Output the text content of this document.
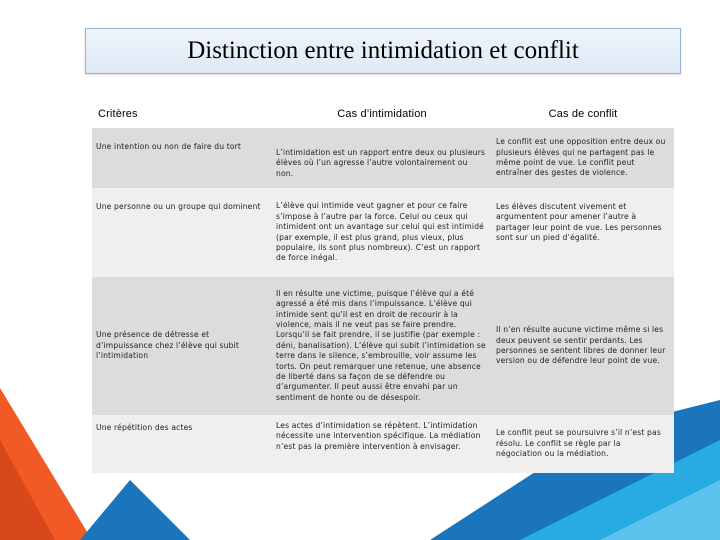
Distinction entre intimidation et conflit
Critères	Cas d’intimidation	Cas de conflit
Une intention ou non de faire du tort	L’intimidation est un rapport entre deux ou plusieurs élèves où l’un agresse l’autre volontairement ou non.	Le conflit est une opposition entre deux ou plusieurs élèves qui ne partagent pas le même point de vue. Le conflit peut entraîner des gestes de violence.
Une personne ou un groupe qui dominent	L’élève qui intimide veut gagner et pour ce faire s’impose à l’autre par la force. Celui ou ceux qui intimident ont un avantage sur celui qui est intimidé (par exemple, il est plus grand, plus vieux, plus populaire, ils sont plus nombreux). C’est un rapport de force inégal.	Les élèves discutent vivement et argumentent pour amener l’autre à partager leur point de vue. Les personnes sont sur un pied d’égalité.
Une présence de détresse et d’impuissance chez l’élève qui subit l’intimidation	Il en résulte une victime, puisque l’élève qui a été agressé a été mis dans l’impuissance. L’élève qui intimide sent qu’il est en droit de recourir à la violence, mais il ne veut pas se faire prendre. Lorsqu’il se fait prendre, il se justifie (par exemple : déni, banalisation). L’élève qui subit l’intimidation se terre dans le silence, s’embrouille, voir assume les torts. On peut remarquer une retenue, une absence de liberté dans sa façon de se défendre ou d’argumenter. Il peut aussi être envahi par un sentiment de honte ou de désespoir.	Il n’en résulte aucune victime même si les deux peuvent se sentir perdants. Les personnes se sentent libres de donner leur version ou de défendre leur point de vue.
Une répétition des actes	Les actes d’intimidation se répètent. L’intimidation nécessite une intervention spécifique. La médiation n’est pas la première intervention à envisager.	Le conflit peut se poursuivre s’il n’est pas résolu. Le conflit se règle par la négociation ou la médiation.
